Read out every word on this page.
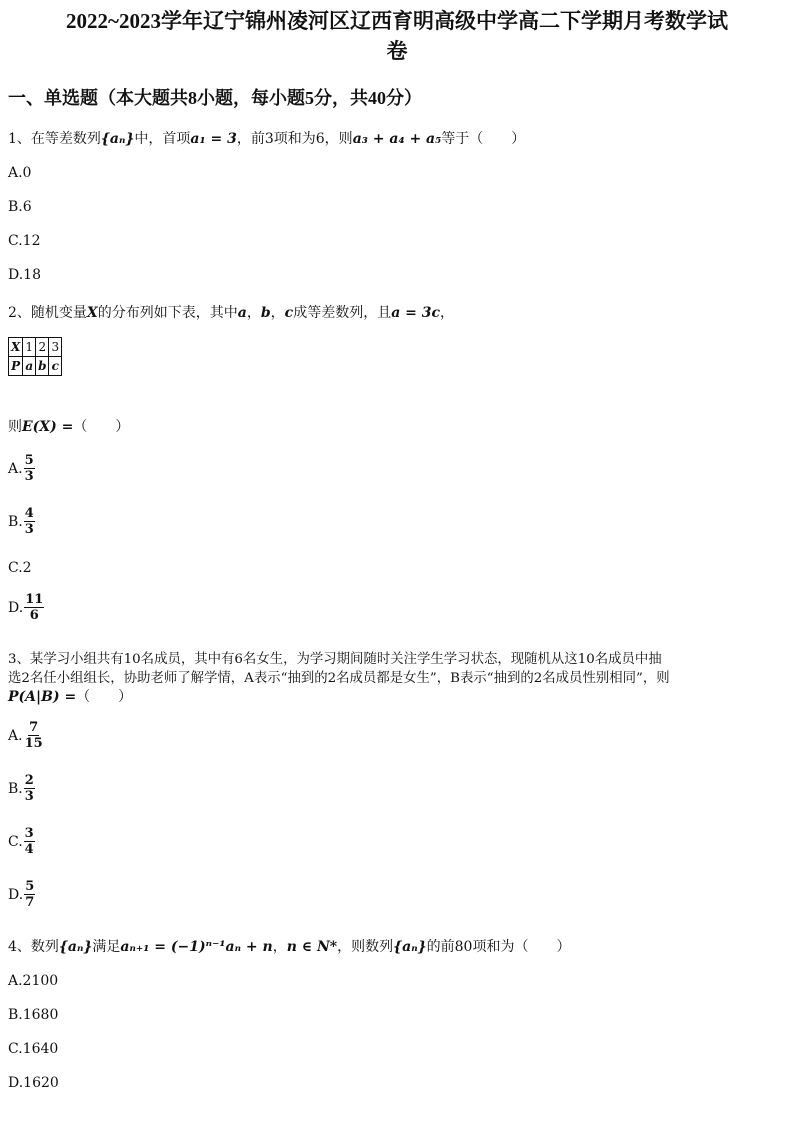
2022~2023学年辽宁锦州凌河区辽西育明高级中学高二下学期月考数学试
卷
一、单选题（本大题共8小题，每小题5分，共40分）
1、在等差数列{aₙ}中，首项a₁ = 3，前3项和为6，则a₃ + a₄ + a₅等于（　　）
A.0
B.6
C.12
D.18
2、随机变量X的分布列如下表，其中a，b，c成等差数列，且a = 3c，
X	1	2	3
P	a	b	c
则E(X) =（　　）
A. $\frac{5}{3}$
B. $\frac{4}{3}$
C.2
D. $\frac{11}{6}$
3、某学习小组共有10名成员，其中有6名女生，为学习期间随时关注学生学习状态，现随机从这10名成员中抽
选2名任小组组长，协助老师了解学情，A表示“抽到的2名成员都是女生”，B表示“抽到的2名成员性别相同”，则
P(A|B) =（　　）
A. $\frac{7}{15}$
B. $\frac{2}{3}$
C. $\frac{3}{4}$
D. $\frac{5}{7}$
4、数列{aₙ}满足aₙ₊₁ = (−1)ⁿ⁻¹aₙ + n，n ∈ N*，则数列{aₙ}的前80项和为（　　）
A.2100
B.1680
C.1640
D.1620
